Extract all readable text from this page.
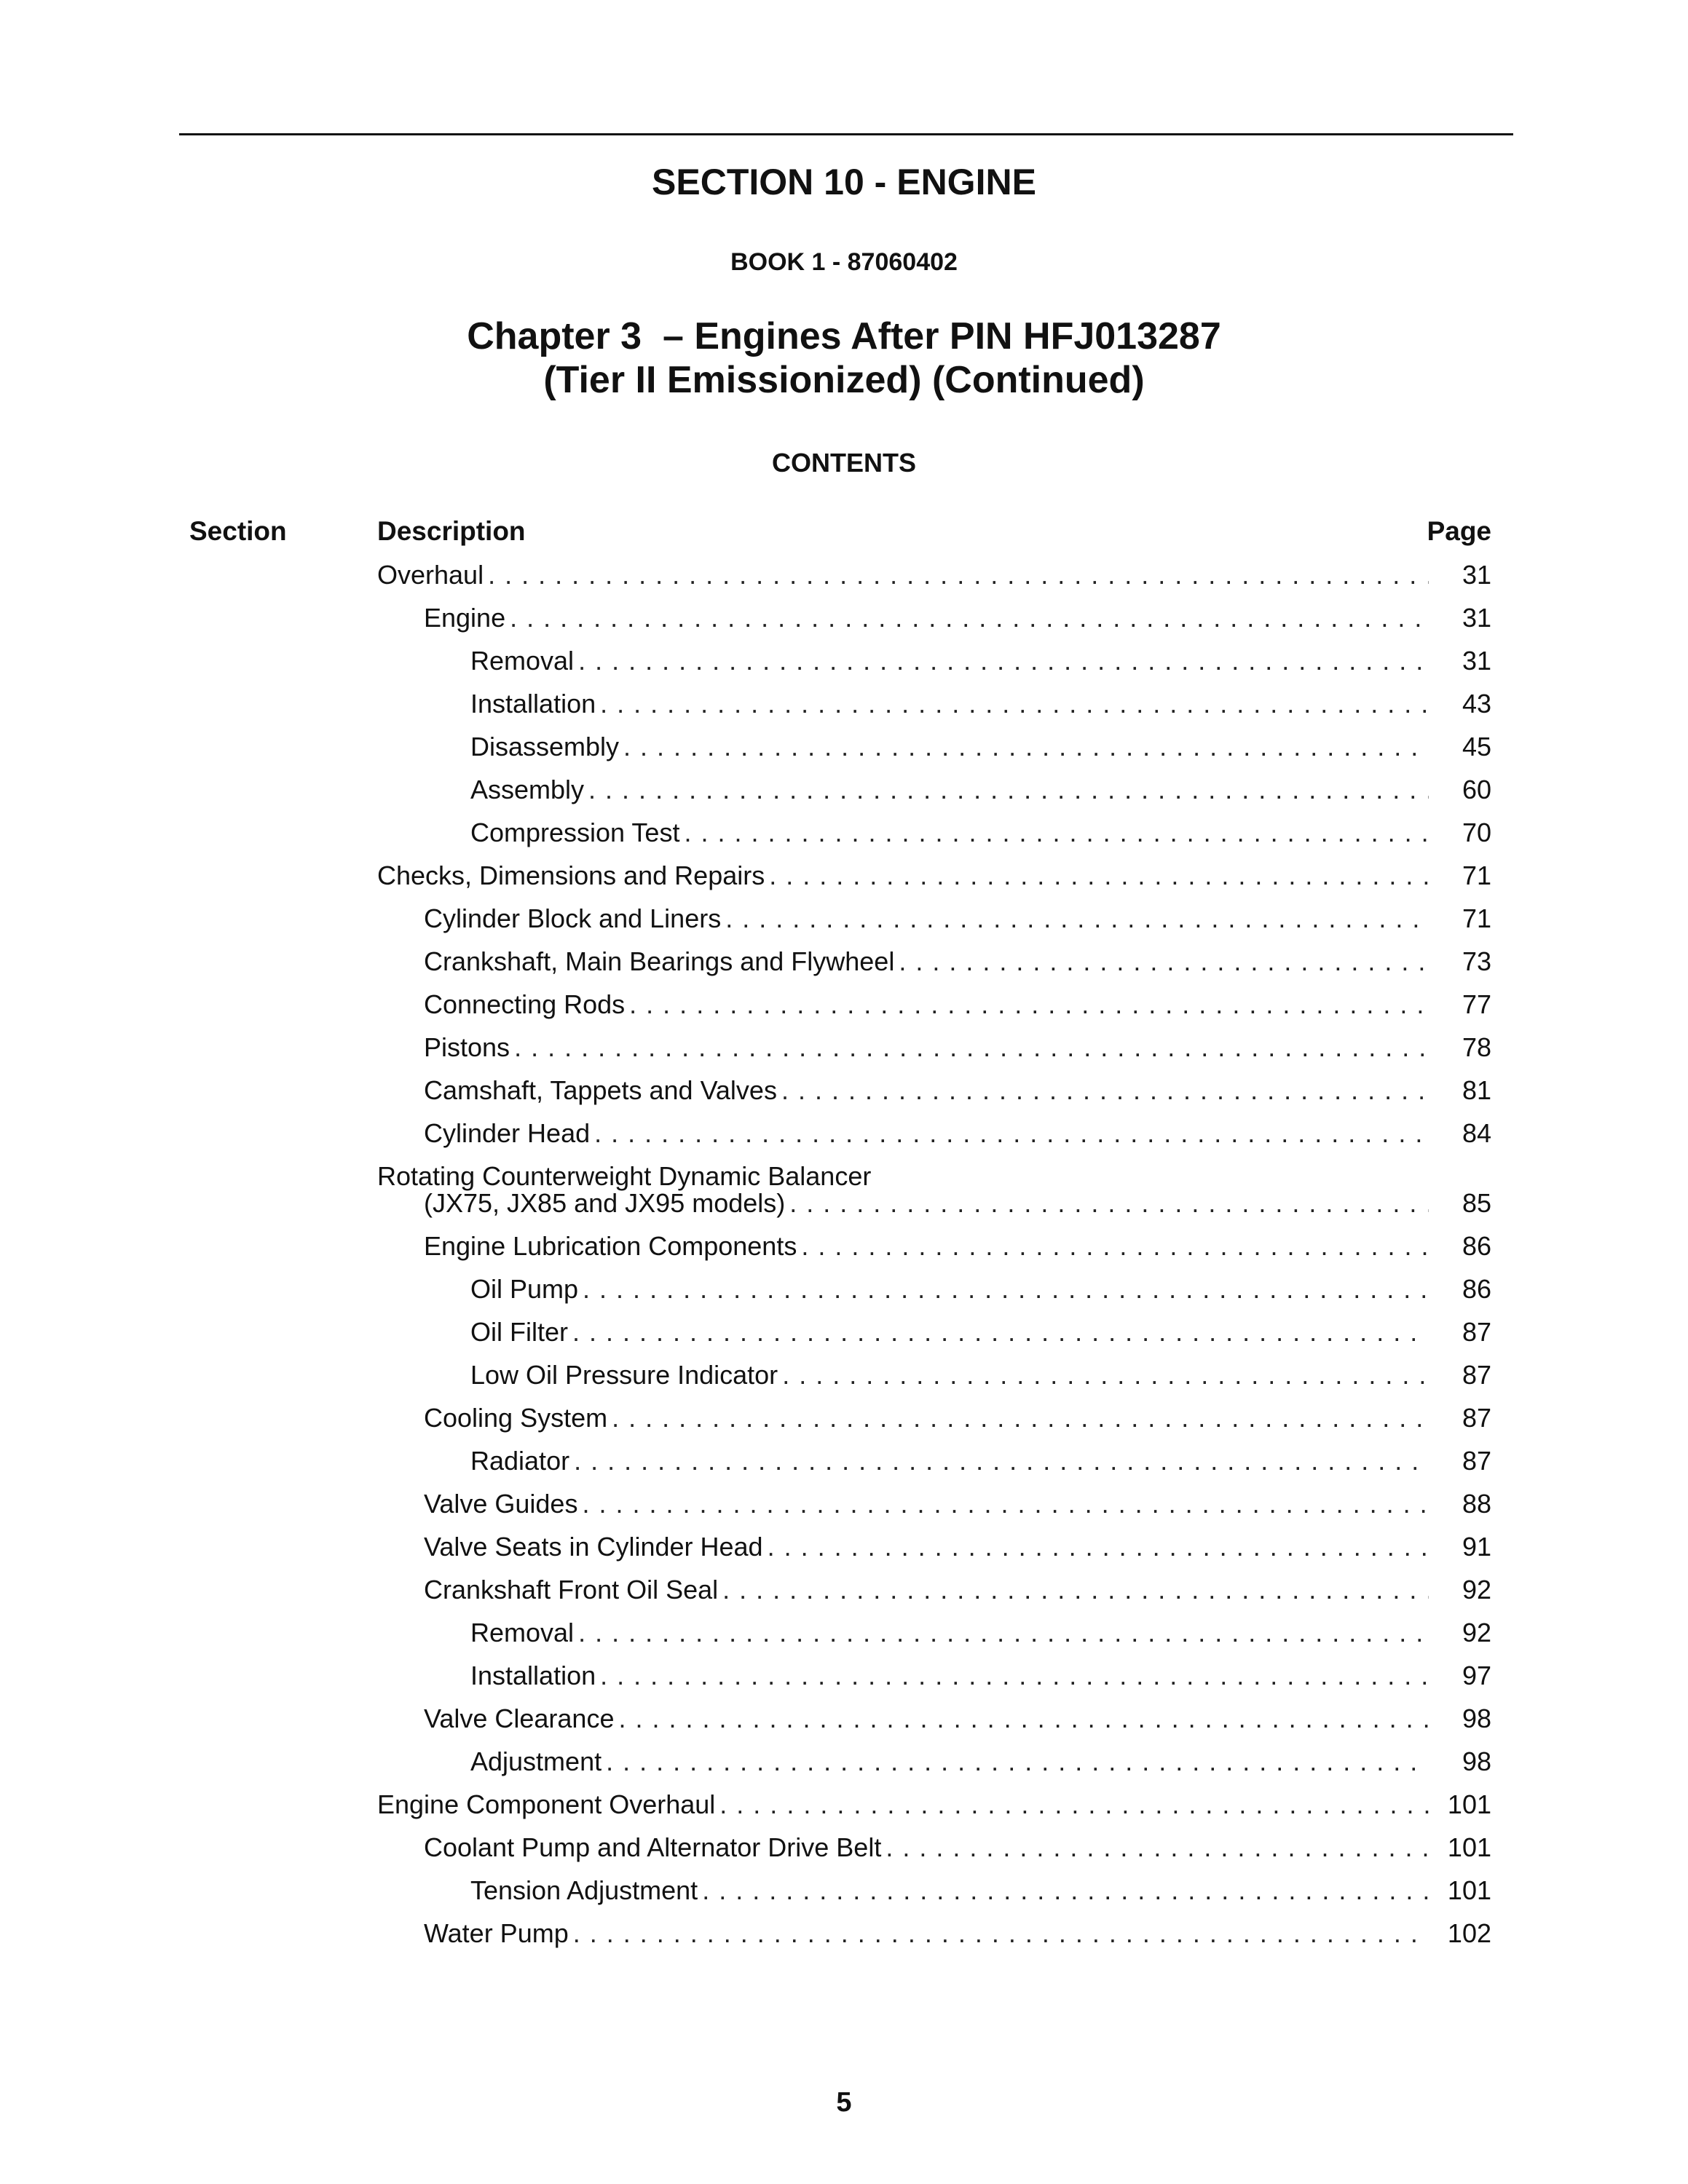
SECTION 10 - ENGINE
BOOK 1 - 87060402
Chapter 3  – Engines After PIN HFJ013287
(Tier II Emissionized) (Continued)
CONTENTS
Section	Description	Page
Overhaul . . .	31
Engine . . .	31
Removal . . .	31
Installation . . .	43
Disassembly . . .	45
Assembly . . .	60
Compression Test . . .	70
Checks, Dimensions and Repairs . . .	71
Cylinder Block and Liners . . .	71
Crankshaft, Main Bearings and Flywheel . . .	73
Connecting Rods . . .	77
Pistons . . .	78
Camshaft, Tappets and Valves . . .	81
Cylinder Head . . .	84
Rotating Counterweight Dynamic Balancer
(JX75, JX85 and JX95 models) . . .	85
Engine Lubrication Components . . .	86
Oil Pump . . .	86
Oil Filter . . .	87
Low Oil Pressure Indicator . . .	87
Cooling System . . .	87
Radiator . . .	87
Valve Guides . . .	88
Valve Seats in Cylinder Head . . .	91
Crankshaft Front Oil Seal . . .	92
Removal . . .	92
Installation . . .	97
Valve Clearance . . .	98
Adjustment . . .	98
Engine Component Overhaul . . .	101
Coolant Pump and Alternator Drive Belt . . .	101
Tension Adjustment . . .	101
Water Pump . . .	102
5
